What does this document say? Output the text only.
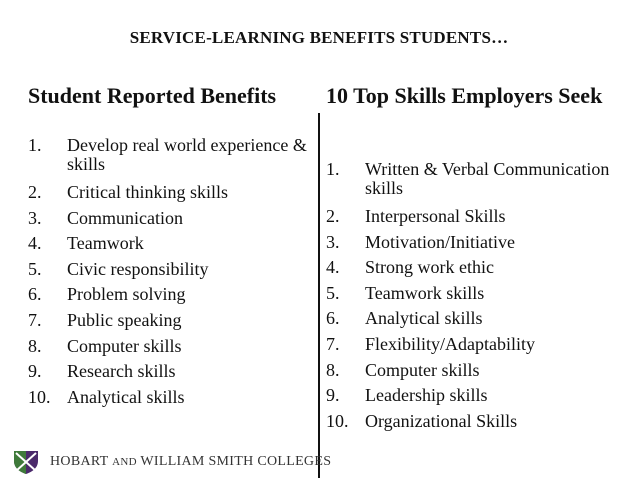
SERVICE-LEARNING BENEFITS STUDENTS…
Student Reported Benefits 10 Top Skills Employers Seek
1. Develop real world experience & skills
2. Critical thinking skills
3. Communication
4. Teamwork
5. Civic responsibility
6. Problem solving
7. Public speaking
8. Computer skills
9. Research skills
10. Analytical skills
1. Written & Verbal Communication skills
2. Interpersonal Skills
3. Motivation/Initiative
4. Strong work ethic
5. Teamwork skills
6. Analytical skills
7. Flexibility/Adaptability
8. Computer skills
9. Leadership skills
10. Organizational Skills
HOBART AND WILLIAM SMITH COLLEGES
